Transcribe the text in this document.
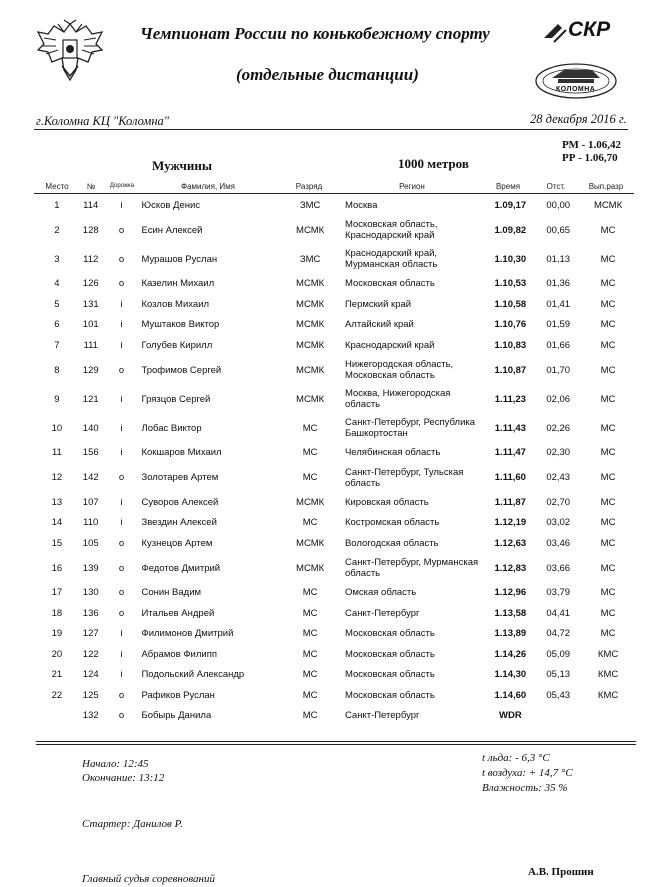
Чемпионат России по конькобежному спорту
(отдельные дистанции)
СКР
КОЛОМНА
г.Коломна КЦ "Коломна"	28 декабря 2016 г.
РМ - 1.06,42
РР - 1.06,70
Мужчины	1000 метров
Место	№	Дорожка	Фамилия, Имя	Разряд	Регион	Время	Отст.	Вып.разр
1	114	i	Юсков Денис	ЗМС	Москва	1.09,17	00,00	МСМК
2	128	o	Есин Алексей	МСМК	Московская область, Краснодарский край	1.09,82	00,65	МС
3	112	o	Мурашов Руслан	ЗМС	Краснодарский край, Мурманская область	1.10,30	01,13	МС
4	126	o	Казелин Михаил	МСМК	Московская область	1.10,53	01,36	МС
5	131	i	Козлов Михаил	МСМК	Пермский край	1.10,58	01,41	МС
6	101	i	Муштаков Виктор	МСМК	Алтайский край	1.10,76	01,59	МС
7	111	i	Голубев Кирилл	МСМК	Краснодарский край	1.10,83	01,66	МС
8	129	o	Трофимов Сергей	МСМК	Нижегородская область, Московская область	1.10,87	01,70	МС
9	121	i	Грязцов Сергей	МСМК	Москва, Нижегородская область	1.11,23	02,06	МС
10	140	i	Лобас Виктор	МС	Санкт-Петербург, Республика Башкортостан	1.11,43	02,26	МС
11	156	i	Кокшаров Михаил	МС	Челябинская область	1.11,47	02,30	МС
12	142	o	Золотарев Артем	МС	Санкт-Петербург, Тульская область	1.11,60	02,43	МС
13	107	i	Суворов Алексей	МСМК	Кировская область	1.11,87	02,70	МС
14	110	i	Звездин Алексей	МС	Костромская область	1.12,19	03,02	МС
15	105	o	Кузнецов Артем	МСМК	Вологодская область	1.12,63	03,46	МС
16	139	o	Федотов Дмитрий	МСМК	Санкт-Петербург, Мурманская область	1.12,83	03,66	МС
17	130	o	Сонин Вадим	МС	Омская область	1.12,96	03,79	МС
18	136	o	Итальев Андрей	МС	Санкт-Петербург	1.13,58	04,41	МС
19	127	i	Филимонов Дмитрий	МС	Московская область	1.13,89	04,72	МС
20	122	i	Абрамов Филипп	МС	Московская область	1.14,26	05,09	КМС
21	124	i	Подольский Александр	МС	Московская область	1.14,30	05,13	КМС
22	125	o	Рафиков Руслан	МС	Московская область	1.14,60	05,43	КМС
	132	o	Бобырь Данила	МС	Санкт-Петербург	WDR		
Начало: 12:45
Окончание: 13:12
t льда: - 6,3 °С
t воздуха: + 14,7 °С
Влажность: 35 %
Стартер: Данилов Р.
Главный судья соревнований
А.В. Прошин
